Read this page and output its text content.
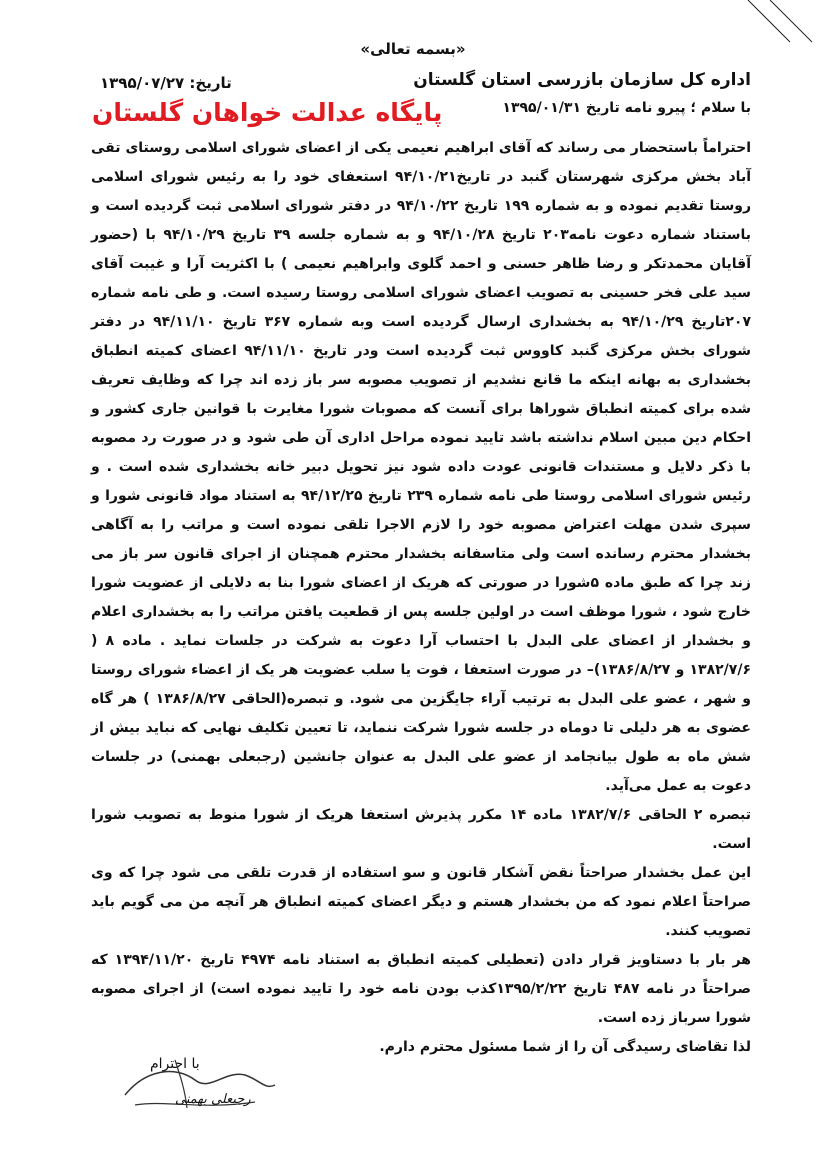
«بسمه تعالی»
اداره کل سازمان بازرسی استان گلستان
تاریخ: ۱۳۹۵/۰۷/۲۷
پایگاه عدالت خواهان گلستان	با سلام ؛ پیرو نامه تاریخ ۱۳۹۵/۰۱/۳۱

احتراماً باستحضار می رساند که آقای ابراهیم نعیمی یکی از اعضای شورای اسلامی روستای تقی آباد بخش مرکزی شهرستان گنبد در تاریخ۹۴/۱۰/۲۱ استعفای خود را به رئیس شورای اسلامی روستا تقدیم نموده و به شماره ۱۹۹ تاریخ ۹۴/۱۰/۲۲ در دفتر شورای اسلامی ثبت گردیده است و باستناد شماره دعوت نامه۲۰۳ تاریخ ۹۴/۱۰/۲۸ و به شماره جلسه ۳۹ تاریخ ۹۴/۱۰/۲۹ با (حضور آقایان محمدتکر و رضا ظاهر حسنی و احمد گلوی وابراهیم نعیمی ) با اکثریت آرا و غیبت آقای سید علی فخر حسینی به تصویب اعضای شورای اسلامی روستا رسیده است. و طی نامه شماره ۲۰۷تاریخ ۹۴/۱۰/۲۹ به بخشداری ارسال گردیده است وبه شماره ۳۶۷ تاریخ ۹۴/۱۱/۱۰ در دفتر شورای بخش مرکزی گنبد کاووس ثبت گردیده است ودر تاریخ ۹۴/۱۱/۱۰ اعضای کمیته انطباق بخشداری به بهانه اینکه ما قانع نشدیم از تصویب مصوبه سر باز زده اند چرا که وظایف تعریف شده برای کمیته انطباق شوراها برای آنست که مصوبات شورا مغایرت با قوانین جاری کشور و احکام دین مبین اسلام نداشته باشد تایید نموده مراحل اداری آن طی شود و در صورت رد مصوبه با ذکر دلایل و مستندات قانونی عودت داده شود نیز تحویل دبیر خانه بخشداری شده است . و رئیس شورای اسلامی روستا طی نامه شماره ۲۳۹ تاریخ ۹۴/۱۲/۲۵ به استناد مواد قانونی شورا و سپری شدن مهلت اعتراض مصوبه خود را لازم الاجرا تلقی نموده است و مراتب را به آگاهی بخشدار محترم رسانده است ولی متاسفانه بخشدار محترم همچنان از اجرای قانون سر باز می زند چرا که طبق ماده ۵شورا در صورتی که هریک از اعضای شورا بنا به دلایلی از عضویت شورا خارج شود ، شورا موظف است در اولین جلسه پس از قطعیت یافتن مراتب را به بخشداری اعلام و بخشدار از اعضای علی البدل با احتساب آرا دعوت به شرکت در جلسات نماید . ماده ۸ ( ۱۳۸۲/۷/۶ و ۱۳۸۶/۸/۲۷)– در صورت استعفا ، فوت یا سلب عضویت هر یک از اعضاء شورای روستا و شهر ، عضو علی البدل به ترتیب آراء جایگزین می شود. و تبصره(الحاقی ۱۳۸۶/۸/۲۷ ) هر گاه عضوی به هر دلیلی تا دوماه در جلسه شورا شرکت ننماید، تا تعیین تکلیف نهایی که نباید بیش از شش ماه به طول بیانجامد از عضو علی البدل به عنوان جانشین (رجبعلی بهمنی) در جلسات دعوت به عمل می‌آید.

تبصره ۲ الحاقی ۱۳۸۲/۷/۶ ماده ۱۴ مکرر پذیرش استعفا هریک از شورا منوط به تصویب شورا است.

این عمل بخشدار صراحتاً نقض آشکار قانون و سو استفاده از قدرت تلقی می شود چرا که وی صراحتاً اعلام نمود که من بخشدار هستم و دیگر اعضای کمیته انطباق هر آنچه من می گویم باید تصویب کنند.

هر بار با دستاویز قرار دادن (تعطیلی کمیته انطباق به استناد نامه ۴۹۷۴ تاریخ ۱۳۹۴/۱۱/۲۰ که صراحتاً در نامه ۴۸۷ تاریخ ۱۳۹۵/۲/۲۲کذب بودن نامه خود را تایید نموده است) از اجرای مصوبه شورا سرباز زده است.

لذا تقاضای رسیدگی آن را از شما مسئول محترم دارم.

با احترام
رجبعلی بهمنی
